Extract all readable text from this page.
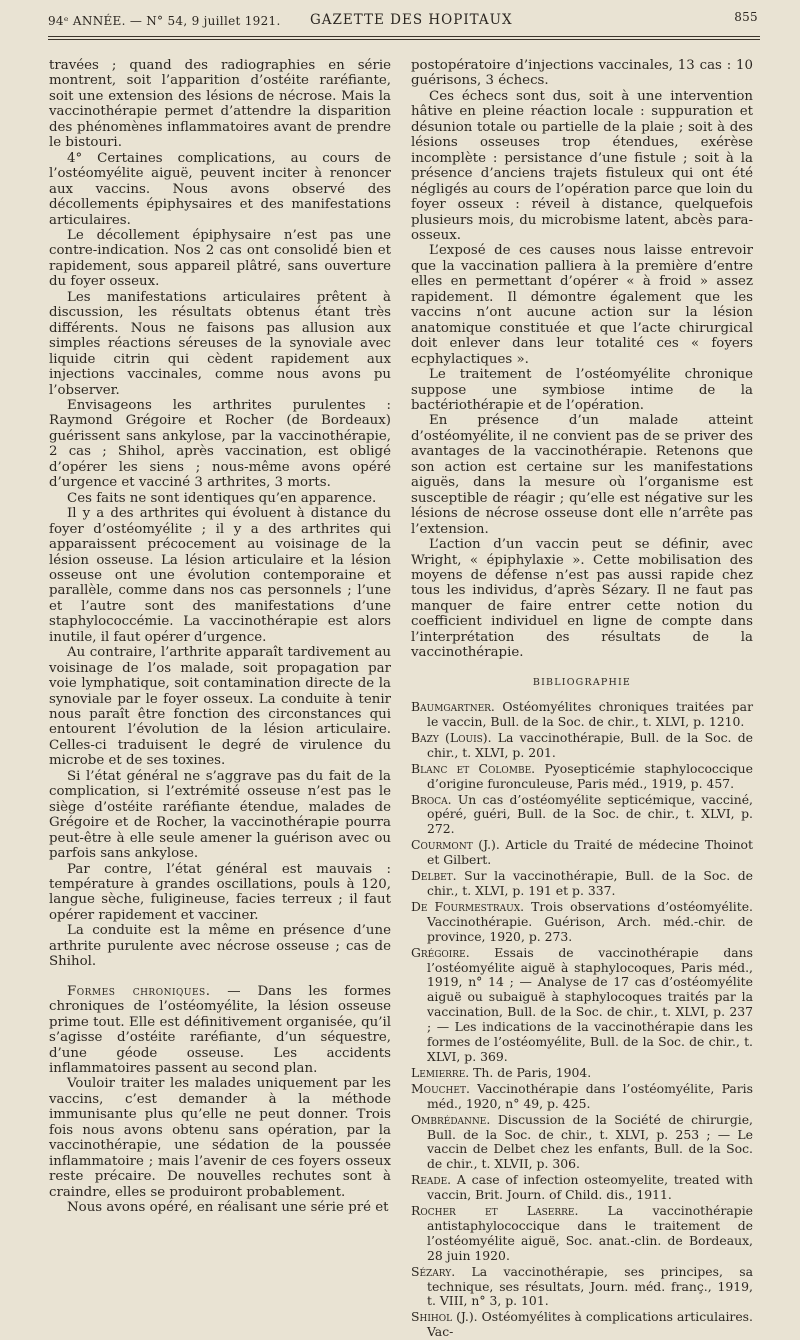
94ᵉ ANNÉE. — N° 54, 9 juillet 1921. GAZETTE DES HOPITAUX	855

travées ; quand des radiographies en série montrent, soit l’apparition d’ostéite raréfiante, soit une extension des lésions de nécrose. Mais la vaccinothérapie permet d’attendre la disparition des phénomènes inflammatoires avant de prendre le bistouri.

4° Certaines complications, au cours de l’ostéomyélite aiguë, peuvent inciter à renoncer aux vaccins. Nous avons observé des décollements épiphysaires et des manifestations articulaires.

Le décollement épiphysaire n’est pas une contre-indication. Nos 2 cas ont consolidé bien et rapidement, sous appareil plâtré, sans ouverture du foyer osseux.

Les manifestations articulaires prêtent à discussion, les résultats obtenus étant très différents. Nous ne faisons pas allusion aux simples réactions séreuses de la synoviale avec liquide citrin qui cèdent rapidement aux injections vaccinales, comme nous avons pu l’observer.

Envisageons les arthrites purulentes : Raymond Grégoire et Rocher (de Bordeaux) guérissent sans ankylose, par la vaccinothérapie, 2 cas ; Shihol, après vaccination, est obligé d’opérer les siens ; nous-même avons opéré d’urgence et vacciné 3 arthrites, 3 morts.

Ces faits ne sont identiques qu’en apparence.

Il y a des arthrites qui évoluent à distance du foyer d’ostéomyélite ; il y a des arthrites qui apparaissent précocement au voisinage de la lésion osseuse. La lésion articulaire et la lésion osseuse ont une évolution contemporaine et parallèle, comme dans nos cas personnels ; l’une et l’autre sont des manifestations d’une staphylococcémie. La vaccinothérapie est alors inutile, il faut opérer d’urgence.

Au contraire, l’arthrite apparaît tardivement au voisinage de l’os malade, soit propagation par voie lymphatique, soit contamination directe de la synoviale par le foyer osseux. La conduite à tenir nous paraît être fonction des circonstances qui entourent l’évolution de la lésion articulaire. Celles-ci traduisent le degré de virulence du microbe et de ses toxines.

Si l’état général ne s’aggrave pas du fait de la complication, si l’extrémité osseuse n’est pas le siège d’ostéite raréfiante étendue, malades de Grégoire et de Rocher, la vaccinothérapie pourra peut-être à elle seule amener la guérison avec ou parfois sans ankylose.

Par contre, l’état général est mauvais : température à grandes oscillations, pouls à 120, langue sèche, fuligineuse, facies terreux ; il faut opérer rapidement et vacciner.

La conduite est la même en présence d’une arthrite purulente avec nécrose osseuse ; cas de Shihol.

Formes chroniques. — Dans les formes chroniques de l’ostéomyélite, la lésion osseuse prime tout. Elle est définitivement organisée, qu’il s’agisse d’ostéite raréfiante, d’un séquestre, d’une géode osseuse. Les accidents inflammatoires passent au second plan.

Vouloir traiter les malades uniquement par les vaccins, c’est demander à la méthode immunisante plus qu’elle ne peut donner. Trois fois nous avons obtenu sans opération, par la vaccinothérapie, une sédation de la poussée inflammatoire ; mais l’avenir de ces foyers osseux reste précaire. De nouvelles rechutes sont à craindre, elles se produiront probablement.

Nous avons opéré, en réalisant une série pré et

postopératoire d’injections vaccinales, 13 cas : 10 guérisons, 3 échecs.

Ces échecs sont dus, soit à une intervention hâtive en pleine réaction locale : suppuration et désunion totale ou partielle de la plaie ; soit à des lésions osseuses trop étendues, exérèse incomplète : persistance d’une fistule ; soit à la présence d’anciens trajets fistuleux qui ont été négligés au cours de l’opération parce que loin du foyer osseux : réveil à distance, quelquefois plusieurs mois, du microbisme latent, abcès para-osseux.

L’exposé de ces causes nous laisse entrevoir que la vaccination palliera à la première d’entre elles en permettant d’opérer « à froid » assez rapidement. Il démontre également que les vaccins n’ont aucune action sur la lésion anatomique constituée et que l’acte chirurgical doit enlever dans leur totalité ces « foyers ecphylactiques ».

Le traitement de l’ostéomyélite chronique suppose une symbiose intime de la bactériothérapie et de l’opération.

En présence d’un malade atteint d’ostéomyélite, il ne convient pas de se priver des avantages de la vaccinothérapie. Retenons que son action est certaine sur les manifestations aiguës, dans la mesure où l’organisme est susceptible de réagir ; qu’elle est négative sur les lésions de nécrose osseuse dont elle n’arrête pas l’extension.

L’action d’un vaccin peut se définir, avec Wright, « épiphylaxie ». Cette mobilisation des moyens de défense n’est pas aussi rapide chez tous les individus, d’après Sézary. Il ne faut pas manquer de faire entrer cette notion du coefficient individuel en ligne de compte dans l’interprétation des résultats de la vaccinothérapie.

BIBLIOGRAPHIE

Baumgartner. Ostéomyélites chroniques traitées par le vaccin, Bull. de la Soc. de chir., t. XLVI, p. 1210.

Bazy (Louis). La vaccinothérapie, Bull. de la Soc. de chir., t. XLVI, p. 201.

Blanc et Colombe. Pyosepticémie staphylococcique d’origine furonculeuse, Paris méd., 1919, p. 457.

Broca. Un cas d’ostéomyélite septicémique, vacciné, opéré, guéri, Bull. de la Soc. de chir., t. XLVI, p. 272.

Courmont (J.). Article du Traité de médecine Thoinot et Gilbert.

Delbet. Sur la vaccinothérapie, Bull. de la Soc. de chir., t. XLVI, p. 191 et p. 337.

De Fourmestraux. Trois observations d’ostéomyélite. Vaccinothérapie. Guérison, Arch. méd.-chir. de province, 1920, p. 273.

Grégoire. Essais de vaccinothérapie dans l’ostéomyélite aiguë à staphylocoques, Paris méd., 1919, n° 14 ; — Analyse de 17 cas d’ostéomyélite aiguë ou subaiguë à staphylocoques traités par la vaccination, Bull. de la Soc. de chir., t. XLVI, p. 237 ; — Les indications de la vaccinothérapie dans les formes de l’ostéomyélite, Bull. de la Soc. de chir., t. XLVI, p. 369.

Lemierre. Th. de Paris, 1904.

Mouchet. Vaccinothérapie dans l’ostéomyélite, Paris méd., 1920, n° 49, p. 425.

Ombrédanne. Discussion de la Société de chirurgie, Bull. de la Soc. de chir., t. XLVI, p. 253 ; — Le vaccin de Delbet chez les enfants, Bull. de la Soc. de chir., t. XLVII, p. 306.

Reade. A case of infection osteomyelite, treated with vaccin, Brit. Journ. of Child. dis., 1911.

Rocher et Laserre. La vaccinothérapie antistaphylococcique dans le traitement de l’ostéomyélite aiguë, Soc. anat.-clin. de Bordeaux, 28 juin 1920.

Sézary. La vaccinothérapie, ses principes, sa technique, ses résultats, Journ. méd. franç., 1919, t. VIII, n° 3, p. 101.

Shihol (J.). Ostéomyélites à complications articulaires. Vac-
